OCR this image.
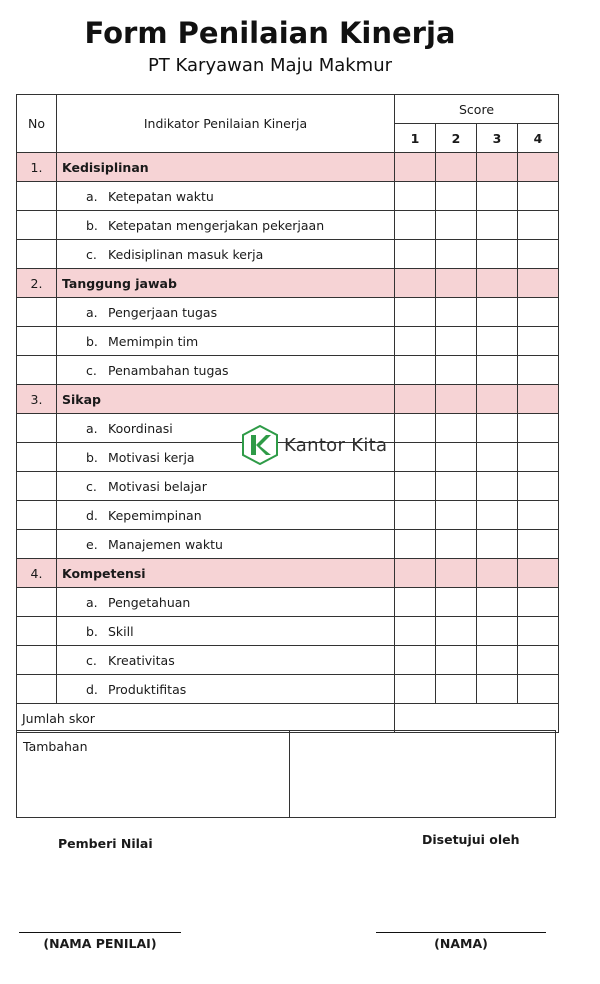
Form Penilaian Kinerja
PT Karyawan Maju Makmur
No	Indikator Penilaian Kinerja	Score			
		1	2	3	4
1.	Kedisiplinan				
	a. Ketepatan waktu				
	b. Ketepatan mengerjakan pekerjaan				
	c. Kedisiplinan masuk kerja				
2.	Tanggung jawab				
	a. Pengerjaan tugas				
	b. Memimpin tim				
	c. Penambahan tugas				
3.	Sikap				
	a. Koordinasi				
	b. Motivasi kerja				
	c. Motivasi belajar				
	d. Kepemimpinan				
	e. Manajemen waktu				
4.	Kompetensi				
	a. Pengetahuan				
	b. Skill				
	c. Kreativitas				
	d. Produktifitas				
Jumlah skor					
Kantor Kita
Tambahan
Pemberi Nilai	Disetujui oleh
(NAMA PENILAI)	(NAMA)
